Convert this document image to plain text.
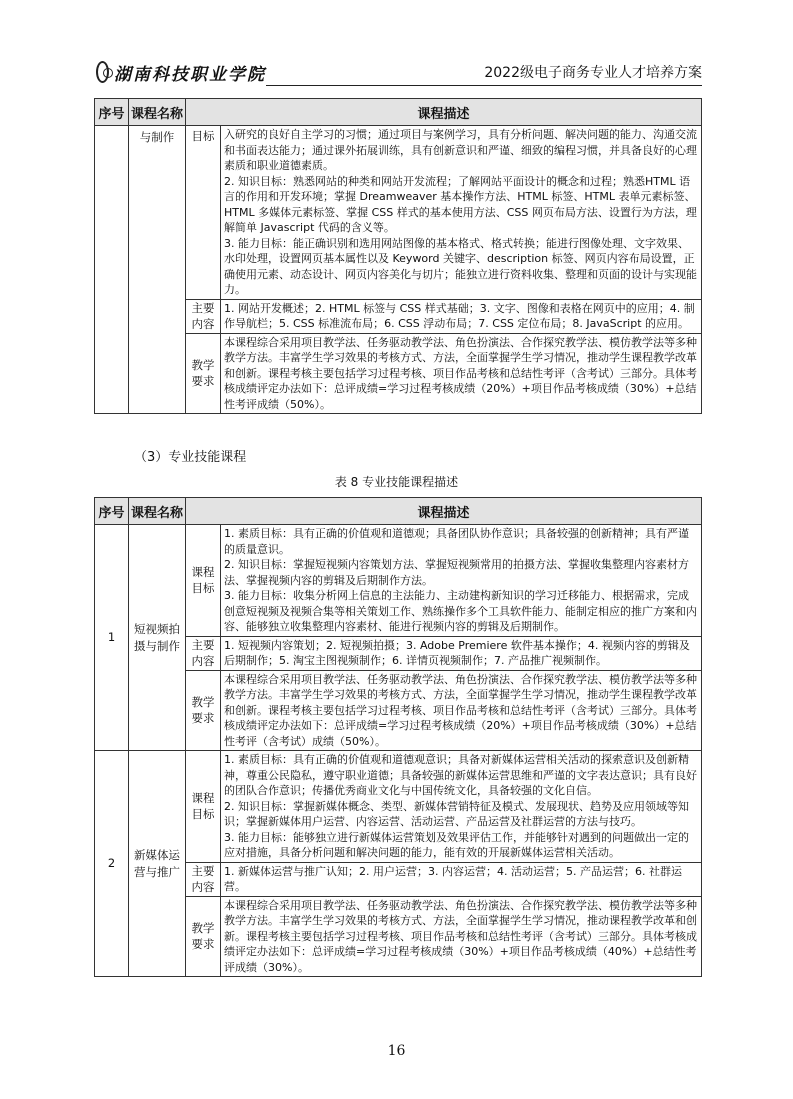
湖南科技职业学院	2022级电子商务专业人才培养方案
序号	课程名称	课程描述	
	与制作	目标	入研究的良好自主学习的习惯；通过项目与案例学习，具有分析问题、解决问题的能力、沟通交流和书面表达能力；通过课外拓展训练，具有创新意识和严谨、细致的编程习惯，并具备良好的心理素质和职业道德素质。

2. 知识目标：熟悉网站的种类和网站开发流程；了解网站平面设计的概念和过程；熟悉HTML 语言的作用和开发环境；掌握 Dreamweaver 基本操作方法、HTML 标签、HTML 表单元素标签、HTML 多媒体元素标签、掌握 CSS 样式的基本使用方法、CSS 网页布局方法、设置行为方法，理解简单 Javascript 代码的含义等。

3. 能力目标：能正确识别和选用网站图像的基本格式、格式转换；能进行图像处理、文字效果、水印处理，设置网页基本属性以及 Keyword 关键字、description 标签、网页内容布局设置，正确使用元素、动态设计、网页内容美化与切片；能独立进行资料收集、整理和页面的设计与实现能力。

		主要内容	1. 网站开发概述；2. HTML 标签与 CSS 样式基础；3. 文字、图像和表格在网页中的应用；4. 制作导航栏；5. CSS 标准流布局；6. CSS 浮动布局；7. CSS 定位布局；8. JavaScript 的应用。

		教学要求	本课程综合采用项目教学法、任务驱动教学法、角色扮演法、合作探究教学法、模仿教学法等多种教学方法。丰富学生学习效果的考核方式、方法，全面掌握学生学习情况，推动学生课程教学改革和创新。课程考核主要包括学习过程考核、项目作品考核和总结性考评（含考试）三部分。具体考核成绩评定办法如下：总评成绩=学习过程考核成绩（20%）+项目作品考核成绩（30%）+总结性考评成绩（50%）。

（3）专业技能课程
表 8 专业技能课程描述
序号	课程名称	课程描述	
1	短视频拍摄与制作	课程目标	1. 素质目标：具有正确的价值观和道德观；具备团队协作意识；具备较强的创新精神；具有严谨的质量意识。

2. 知识目标：掌握短视频内容策划方法、掌握短视频常用的拍摄方法、掌握收集整理内容素材方法、掌握视频内容的剪辑及后期制作方法。

3. 能力目标：收集分析网上信息的主法能力、主动建构新知识的学习迁移能力、根据需求，完成创意短视频及视频合集等相关策划工作、熟练操作多个工具软件能力、能制定相应的推广方案和内容、能够独立收集整理内容素材、能进行视频内容的剪辑及后期制作。

		主要内容	1. 短视频内容策划；2. 短视频拍摄；3. Adobe Premiere 软件基本操作；4. 视频内容的剪辑及后期制作；5. 淘宝主图视频制作；6. 详情页视频制作；7. 产品推广视频制作。

		教学要求	本课程综合采用项目教学法、任务驱动教学法、角色扮演法、合作探究教学法、模仿教学法等多种教学方法。丰富学生学习效果的考核方式、方法，全面掌握学生学习情况，推动学生课程教学改革和创新。课程考核主要包括学习过程考核、项目作品考核和总结性考评（含考试）三部分。具体考核成绩评定办法如下：总评成绩=学习过程考核成绩（20%）+项目作品考核成绩（30%）+总结性考评（含考试）成绩（50%）。

2	新媒体运营与推广	课程目标	1. 素质目标：具有正确的价值观和道德观意识；具备对新媒体运营相关活动的探索意识及创新精神，尊重公民隐私，遵守职业道德；具备较强的新媒体运营思维和严谨的文字表达意识；具有良好的团队合作意识；传播优秀商业文化与中国传统文化，具备较强的文化自信。

2. 知识目标：掌握新媒体概念、类型、新媒体营销特征及模式、发展现状、趋势及应用领域等知识；掌握新媒体用户运营、内容运营、活动运营、产品运营及社群运营的方法与技巧。

3. 能力目标：能够独立进行新媒体运营策划及效果评估工作，并能够针对遇到的问题做出一定的应对措施，具备分析问题和解决问题的能力，能有效的开展新媒体运营相关活动。

		主要内容	1. 新媒体运营与推广认知；2. 用户运营；3. 内容运营；4. 活动运营；5. 产品运营；6. 社群运营。

		教学要求	本课程综合采用项目教学法、任务驱动教学法、角色扮演法、合作探究教学法、模仿教学法等多种教学方法。丰富学生学习效果的考核方式、方法，全面掌握学生学习情况，推动课程教学改革和创新。课程考核主要包括学习过程考核、项目作品考核和总结性考评（含考试）三部分。具体考核成绩评定办法如下：总评成绩=学习过程考核成绩（30%）+项目作品考核成绩（40%）+总结性考评成绩（30%）。

16
